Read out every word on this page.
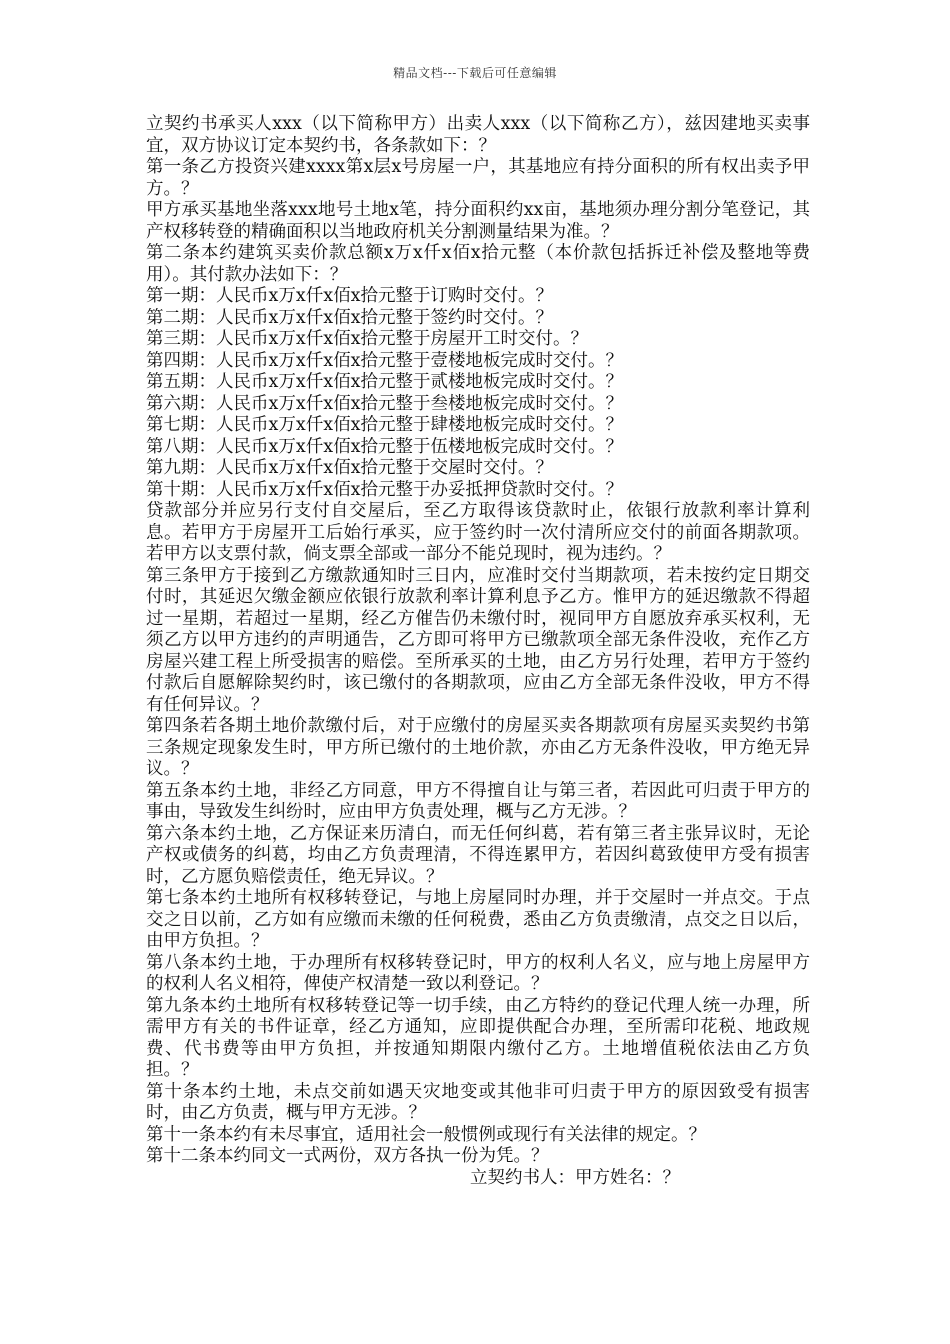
精品文档---下载后可任意编辑

立契约书承买人xxx（以下简称甲方）出卖人xxx（以下简称乙方），兹因建地买卖事宜，双方协议订定本契约书，各条款如下：？

第一条乙方投资兴建xxxx第x层x号房屋一户，其基地应有持分面积的所有权出卖予甲方。？

甲方承买基地坐落xxx地号土地x笔，持分面积约xx亩，基地须办理分割分笔登记，其产权移转登的精确面积以当地政府机关分割测量结果为准。？

第二条本约建筑买卖价款总额x万x仟x佰x拾元整（本价款包括拆迁补偿及整地等费用）。其付款办法如下：？

第一期：人民币x万x仟x佰x拾元整于订购时交付。？

第二期：人民币x万x仟x佰x拾元整于签约时交付。？

第三期：人民币x万x仟x佰x拾元整于房屋开工时交付。？

第四期：人民币x万x仟x佰x拾元整于壹楼地板完成时交付。？

第五期：人民币x万x仟x佰x拾元整于贰楼地板完成时交付。？

第六期：人民币x万x仟x佰x拾元整于叁楼地板完成时交付。？

第七期：人民币x万x仟x佰x拾元整于肆楼地板完成时交付。？

第八期：人民币x万x仟x佰x拾元整于伍楼地板完成时交付。？

第九期：人民币x万x仟x佰x拾元整于交屋时交付。？

第十期：人民币x万x仟x佰x拾元整于办妥抵押贷款时交付。？

贷款部分并应另行支付自交屋后，至乙方取得该贷款时止，依银行放款利率计算利息。若甲方于房屋开工后始行承买，应于签约时一次付清所应交付的前面各期款项。若甲方以支票付款，倘支票全部或一部分不能兑现时，视为违约。？

第三条甲方于接到乙方缴款通知时三日内，应准时交付当期款项，若未按约定日期交付时，其延迟欠缴金额应依银行放款利率计算利息予乙方。惟甲方的延迟缴款不得超过一星期，若超过一星期，经乙方催告仍未缴付时，视同甲方自愿放弃承买权利，无须乙方以甲方违约的声明通告，乙方即可将甲方已缴款项全部无条件没收，充作乙方房屋兴建工程上所受损害的赔偿。至所承买的土地，由乙方另行处理，若甲方于签约付款后自愿解除契约时，该已缴付的各期款项，应由乙方全部无条件没收，甲方不得有任何异议。？

第四条若各期土地价款缴付后，对于应缴付的房屋买卖各期款项有房屋买卖契约书第三条规定现象发生时，甲方所已缴付的土地价款，亦由乙方无条件没收，甲方绝无异议。？

第五条本约土地，非经乙方同意，甲方不得擅自让与第三者，若因此可归责于甲方的事由，导致发生纠纷时，应由甲方负责处理，概与乙方无涉。？

第六条本约土地，乙方保证来历清白，而无任何纠葛，若有第三者主张异议时，无论产权或债务的纠葛，均由乙方负责理清，不得连累甲方，若因纠葛致使甲方受有损害时，乙方愿负赔偿责任，绝无异议。？

第七条本约土地所有权移转登记，与地上房屋同时办理，并于交屋时一并点交。于点交之日以前，乙方如有应缴而未缴的任何税费，悉由乙方负责缴清，点交之日以后，由甲方负担。？

第八条本约土地，于办理所有权移转登记时，甲方的权利人名义，应与地上房屋甲方的权利人名义相符，俾使产权清楚一致以利登记。？

第九条本约土地所有权移转登记等一切手续，由乙方特约的登记代理人统一办理，所需甲方有关的书件证章，经乙方通知，应即提供配合办理，至所需印花税、地政规费、代书费等由甲方负担，并按通知期限内缴付乙方。土地增值税依法由乙方负担。？

第十条本约土地，未点交前如遇天灾地变或其他非可归责于甲方的原因致受有损害时，由乙方负责，概与甲方无涉。？

第十一条本约有未尽事宜，适用社会一般惯例或现行有关法律的规定。？

第十二条本约同文一式两份，双方各执一份为凭。？

立契约书人：甲方姓名：？
